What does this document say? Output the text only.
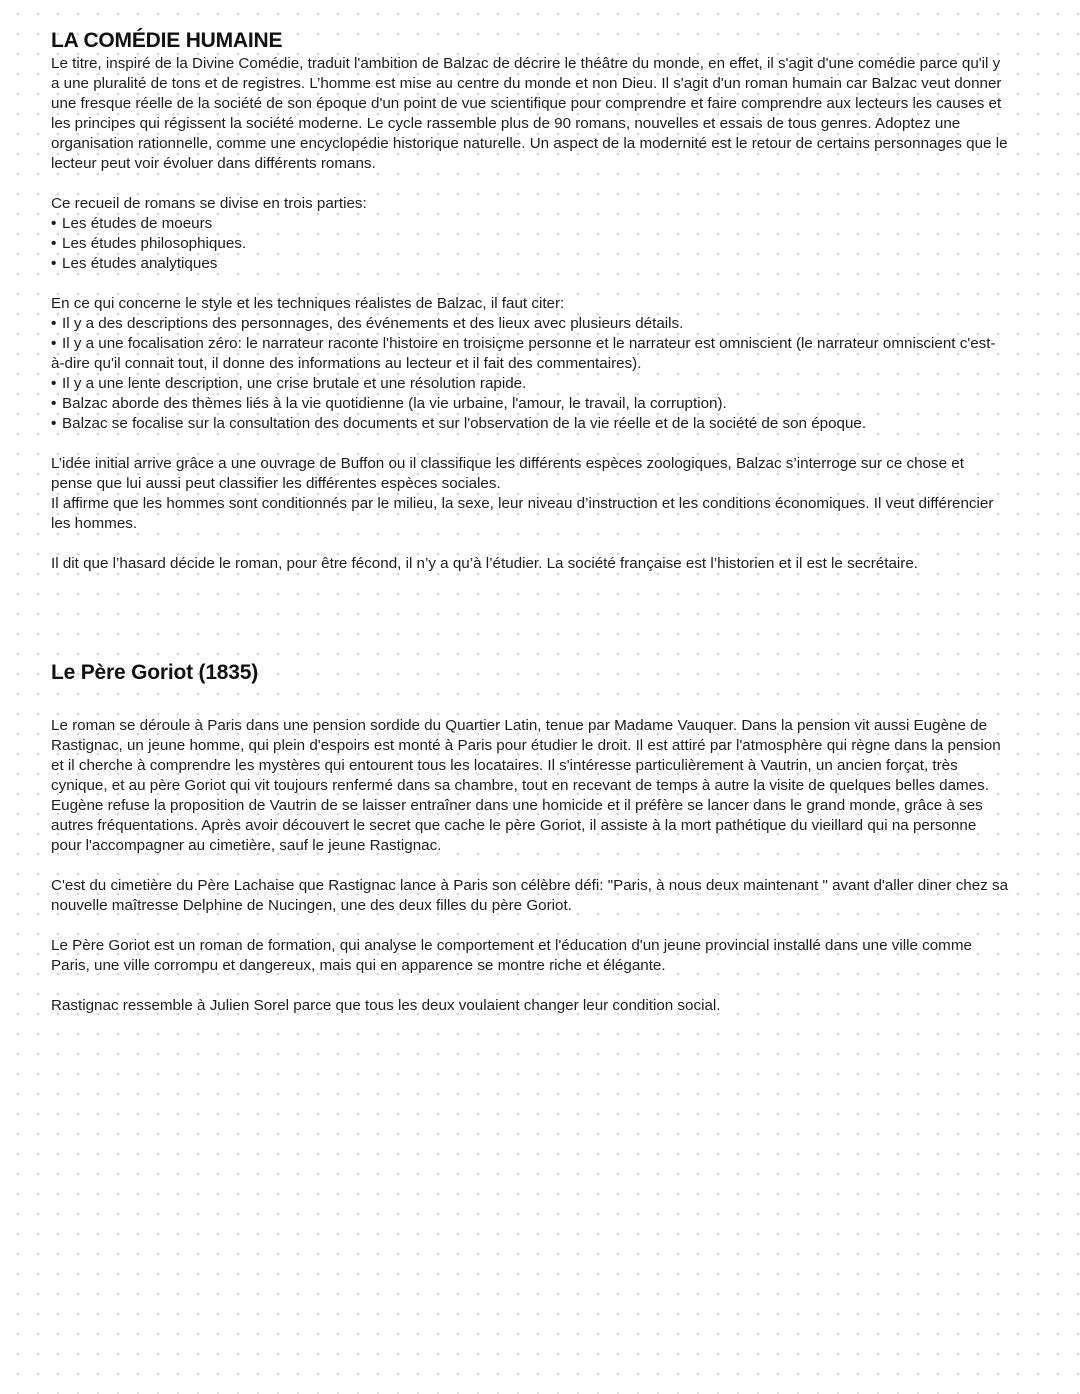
LA COMÉDIE HUMAINE

Le titre, inspiré de la Divine Comédie, traduit l'ambition de Balzac de décrire le théâtre du monde, en effet, il s'agit d'une comédie parce qu'il y a une pluralité de tons et de registres. L’homme est mise au centre du monde et non Dieu. Il s'agit d'un roman humain car Balzac veut donner une fresque réelle de la société de son époque d'un point de vue scientifique pour comprendre et faire comprendre aux lecteurs les causes et les principes qui régissent la société moderne. Le cycle rassemble plus de 90 romans, nouvelles et essais de tous genres. Adoptez une organisation rationnelle, comme une encyclopédie historique naturelle. Un aspect de la modernité est le retour de certains personnages que le lecteur peut voir évoluer dans différents romans.

Ce recueil de romans se divise en trois parties:

• Les études de moeurs
• Les études philosophiques.
• Les études analytiques

En ce qui concerne le style et les techniques réalistes de Balzac, il faut citer:

• Il y a des descriptions des personnages, des événements et des lieux avec plusieurs détails.
• Il y a une focalisation zéro: le narrateur raconte l'histoire en troisiçme personne et le narrateur est omniscient (le narrateur omniscient c'est-à-dire qu'il connait tout, il donne des informations au lecteur et il fait des commentaires).
• Il y a une lente description, une crise brutale et une résolution rapide.
• Balzac aborde des thèmes liés à la vie quotidienne (la vie urbaine, l'amour, le travail, la corruption).
• Balzac se focalise sur la consultation des documents et sur l'observation de la vie réelle et de la société de son époque.

L’idée initial arrive grâce a une ouvrage de Buffon ou il classifique les différents espèces zoologiques, Balzac s’interroge sur ce chose et pense que lui aussi peut classifier les différentes espèces sociales.

Il affirme que les hommes sont conditionnés par le milieu, la sexe, leur niveau d’instruction et les conditions économiques. Il veut différencier les hommes.

Il dit que l’hasard décide le roman, pour être fécond, il n’y a qu’à l’étudier. La société française est l’historien et il est le secrétaire.

Le Père Goriot (1835)

Le roman se déroule à Paris dans une pension sordide du Quartier Latin, tenue par Madame Vauquer. Dans la pension vit aussi Eugène de Rastignac, un jeune homme, qui plein d'espoirs est monté à Paris pour étudier le droit. Il est attiré par l'atmosphère qui règne dans la pension et il cherche à comprendre les mystères qui entourent tous les locataires. Il s'intéresse particulièrement à Vautrin, un ancien forçat, très cynique, et au père Goriot qui vit toujours renfermé dans sa chambre, tout en recevant de temps à autre la visite de quelques belles dames. Eugène refuse la proposition de Vautrin de se laisser entraîner dans une homicide et il préfère se lancer dans le grand monde, grâce à ses autres fréquentations. Après avoir découvert le secret que cache le père Goriot, il assiste à la mort pathétique du vieillard qui na personne pour l'accompagner au cimetière, sauf le jeune Rastignac.

C'est du cimetière du Père Lachaise que Rastignac lance à Paris son célèbre défi: "Paris, à nous deux maintenant " avant d'aller diner chez sa nouvelle maîtresse Delphine de Nucingen, une des deux filles du père Goriot.

Le Père Goriot est un roman de formation, qui analyse le comportement et l'éducation d'un jeune provincial installé dans une ville comme Paris, une ville corrompu et dangereux, mais qui en apparence se montre riche et élégante.

Rastignac ressemble à Julien Sorel parce que tous les deux voulaient changer leur condition social.
